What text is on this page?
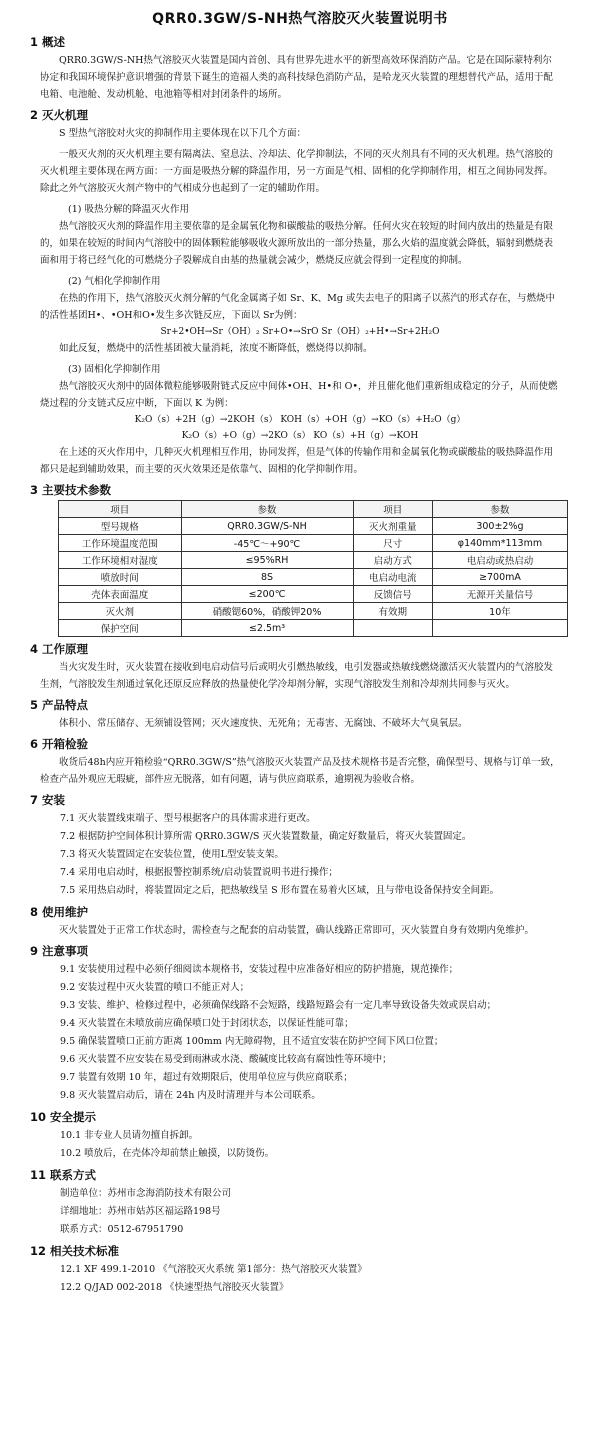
QRR0.3GW/S-NH热气溶胶灭火装置说明书
1 概述

QRR0.3GW/S-NH热气溶胶灭火装置是国内首创、具有世界先进水平的新型高效环保消防产品。它是在国际蒙特利尔协定和我国环境保护意识增强的背景下诞生的造福人类的高科技绿色消防产品，是哈龙灭火装置的理想替代产品，适用于配电箱、电池舱、发动机舱、电池箱等相对封闭条件的场所。

2 灭火机理

S 型热气溶胶对火灾的抑制作用主要体现在以下几个方面：

一般灭火剂的灭火机理主要有隔离法、窒息法、冷却法、化学抑制法，不同的灭火剂具有不同的灭火机理。热气溶胶的灭火机理主要体现在两方面：一方面是吸热分解的降温作用，另一方面是气相、固相的化学抑制作用，相互之间协同发挥。除此之外气溶胶灭火剂产物中的气相成分也起到了一定的辅助作用。

(1) 吸热分解的降温灭火作用

热气溶胶灭火剂的降温作用主要依靠的是金属氧化物和碳酸盐的吸热分解。任何火灾在较短的时间内放出的热量是有限的，如果在较短的时间内气溶胶中的固体颗粒能够吸收火源所放出的一部分热量，那么火焰的温度就会降低，辐射到燃烧表面和用于将已经气化的可燃烧分子裂解成自由基的热量就会减少，燃烧反应就会得到一定程度的抑制。

(2) 气相化学抑制作用

在热的作用下，热气溶胶灭火剂分解的气化金属离子如 Sr、K、Mg 或失去电子的阳离子以蒸汽的形式存在，与燃烧中的活性基团H•、•OH和O•发生多次链反应，下面以 Sr为例：

Sr+2•OH→Sr（OH）₂ Sr+O•→SrO Sr（OH）₂+H•→Sr+2H₂O

如此反复，燃烧中的活性基团被大量消耗，浓度不断降低，燃烧得以抑制。

(3) 固相化学抑制作用

热气溶胶灭火剂中的固体微粒能够吸附链式反应中间体•OH、H•和 O•，并且催化他们重新组成稳定的分子，从而使燃烧过程的分支链式反应中断，下面以 K 为例：

K₂O（s）+2H（g）→2KOH（s） KOH（s）+OH（g）→KO（s）+H₂O（g）

K₂O（s）+O（g）→2KO（s） KO（s）+H（g）→KOH

在上述的灭火作用中，几种灭火机理相互作用，协同发挥，但是气体的传输作用和金属氧化物或碳酸盐的吸热降温作用都只是起到辅助效果，而主要的灭火效果还是依靠气、固相的化学抑制作用。

3 主要技术参数
项目	参数	项目	参数
型号规格	QRR0.3GW/S-NH	灭火剂重量	300±2%g
工作环境温度范围	-45℃～+90℃	尺寸	φ140mm*113mm
工作环境相对湿度	≤95%RH	启动方式	电启动或热启动
喷放时间	8S	电启动电流	≥700mA
壳体表面温度	≤200℃	反馈信号	无源开关量信号
灭火剂	硝酸锶60%，硝酸钾20%	有效期	10年
保护空间	≤2.5m³		
4 工作原理

当火灾发生时，灭火装置在接收到电启动信号后或明火引燃热敏线，电引发器或热敏线燃烧激活灭火装置内的气溶胶发生剂，气溶胶发生剂通过氧化还原反应释放的热量使化学冷却剂分解，实现气溶胶发生剂和冷却剂共同参与灭火。

5 产品特点

体积小、常压储存、无须铺设管网；灭火速度快、无死角；无毒害、无腐蚀、不破坏大气臭氧层。

6 开箱检验

收货后48h内应开箱检验“QRR0.3GW/S”热气溶胶灭火装置产品及技术规格书是否完整，确保型号、规格与订单一致，检查产品外观应无瑕疵，部件应无脱落，如有问题，请与供应商联系，逾期视为验收合格。

7 安装
7.1 灭火装置线束端子、型号根据客户的具体需求进行更改。
7.2 根据防护空间体积计算所需 QRR0.3GW/S 灭火装置数量，确定好数量后，将灭火装置固定。
7.3 将灭火装置固定在安装位置，使用L型安装支架。
7.4 采用电启动时，根据报警控制系统/启动装置说明书进行操作；
7.5 采用热启动时，将装置固定之后，把热敏线呈 S 形布置在易着火区域，且与带电设备保持安全间距。
8 使用维护

灭火装置处于正常工作状态时，需检查与之配套的启动装置，确认线路正常即可，灭火装置自身有效期内免维护。

9 注意事项
9.1 安装使用过程中必须仔细阅读本规格书，安装过程中应准备好相应的防护措施，规范操作；
9.2 安装过程中灭火装置的喷口不能正对人；
9.3 安装、维护、检修过程中，必须确保线路不会短路，线路短路会有一定几率导致设备失效或误启动；
9.4 灭火装置在未喷放前应确保喷口处于封闭状态，以保证性能可靠；
9.5 确保装置喷口正前方距离 100mm 内无障碍物，且不适宜安装在防护空间下风口位置；
9.6 灭火装置不应安装在易受到雨淋或水浇、酸碱度比较高有腐蚀性等环境中；
9.7 装置有效期 10 年，超过有效期限后，使用单位应与供应商联系；
9.8 灭火装置启动后，请在 24h 内及时清理并与本公司联系。
10 安全提示
10.1 非专业人员请勿擅自拆卸。
10.2 喷放后，在壳体冷却前禁止触摸，以防烫伤。
11 联系方式
制造单位：苏州市念海消防技术有限公司
详细地址：苏州市姑苏区福运路198号
联系方式：0512-67951790
12 相关技术标准
12.1 XF 499.1-2010 《气溶胶灭火系统 第1部分：热气溶胶灭火装置》
12.2 Q/JAD 002-2018 《快速型热气溶胶灭火装置》
